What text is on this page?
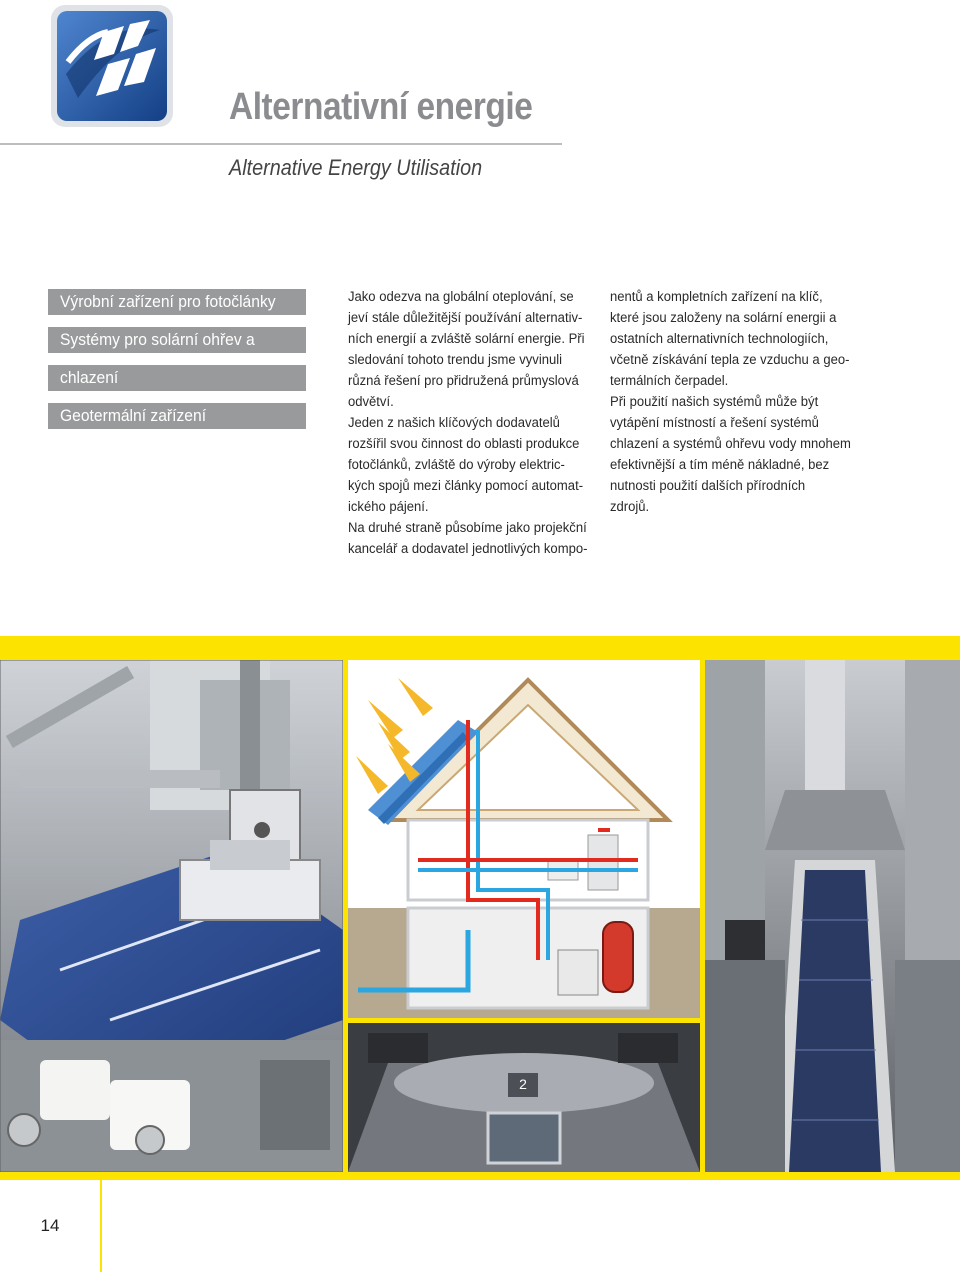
Alternativní energie
Alternative Energy Utilisation
Výrobní zařízení pro fotočlánky
Systémy pro solární ohřev a
chlazení
Geotermální zařízení

Jako odezva na globální oteplování, se

jeví stále důležitější používání alternativ-

ních energií a zvláště solární energie. Při

sledování tohoto trendu jsme vyvinuli

různá řešení pro přidružená průmyslová

odvětví.

Jeden z našich klíčových dodavatelů

rozšířil svou činnost do oblasti produkce

fotočlánků, zvláště do výroby elektric-

kých spojů mezi články pomocí automat-

ického pájení.

Na druhé straně působíme jako projekční

kancelář a dodavatel jednotlivých kompo-

nentů a kompletních zařízení na klíč,

které jsou založeny na solární energii a

ostatních alternativních technologiích,

včetně získávání tepla ze vzduchu a geo-

termálních čerpadel.

Při použití našich systémů může být

vytápění místností a řešení systémů

chlazení a systémů ohřevu vody mnohem

efektivnější a tím méně nákladné, bez

nutnosti použití dalších přírodních

zdrojů.

2
14
